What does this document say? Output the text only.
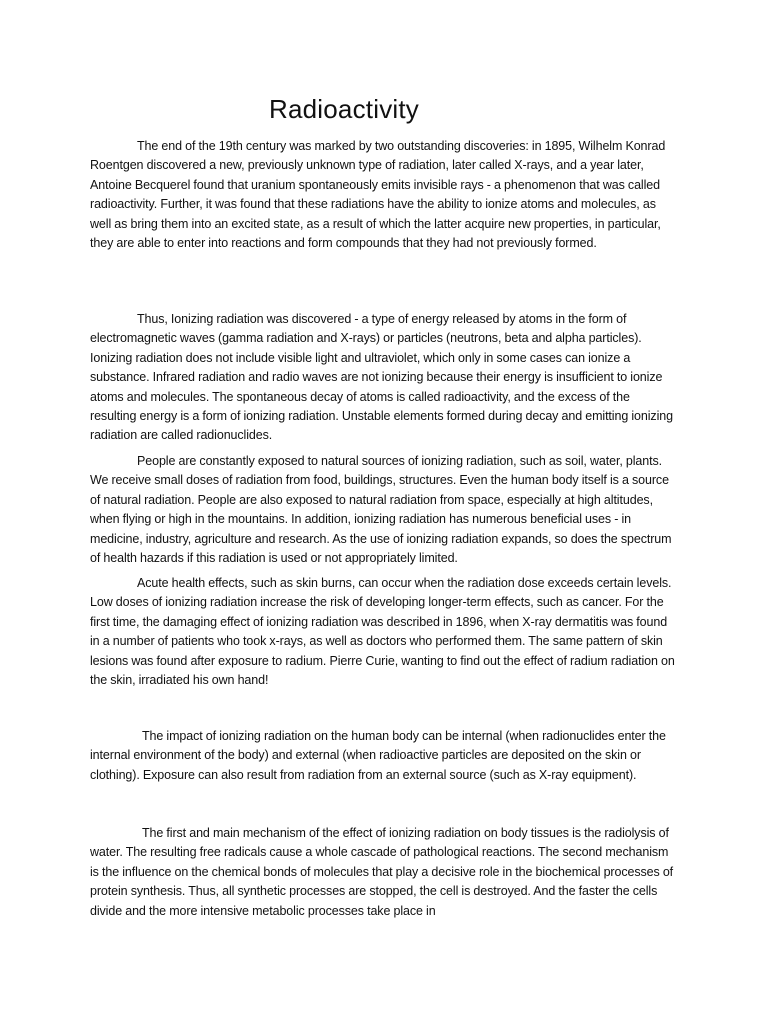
Radioactivity

The end of the 19th century was marked by two outstanding discoveries: in 1895, Wilhelm Konrad Roentgen discovered a new, previously unknown type of radiation, later called X-rays, and a year later, Antoine Becquerel found that uranium spontaneously emits invisible rays - a phenomenon that was called radioactivity. Further, it was found that these radiations have the ability to ionize atoms and molecules, as well as bring them into an excited state, as a result of which the latter acquire new properties, in particular, they are able to enter into reactions and form compounds that they had not previously formed.

Thus, Ionizing radiation was discovered - a type of energy released by atoms in the form of electromagnetic waves (gamma radiation and X-rays) or particles (neutrons, beta and alpha particles). Ionizing radiation does not include visible light and ultraviolet, which only in some cases can ionize a substance. Infrared radiation and radio waves are not ionizing because their energy is insufficient to ionize atoms and molecules. The spontaneous decay of atoms is called radioactivity, and the excess of the resulting energy is a form of ionizing radiation. Unstable elements formed during decay and emitting ionizing radiation are called radionuclides.

People are constantly exposed to natural sources of ionizing radiation, such as soil, water, plants. We receive small doses of radiation from food, buildings, structures. Even the human body itself is a source of natural radiation. People are also exposed to natural radiation from space, especially at high altitudes, when flying or high in the mountains. In addition, ionizing radiation has numerous beneficial uses - in medicine, industry, agriculture and research. As the use of ionizing radiation expands, so does the spectrum of health hazards if this radiation is used or not appropriately limited.

Acute health effects, such as skin burns, can occur when the radiation dose exceeds certain levels. Low doses of ionizing radiation increase the risk of developing longer-term effects, such as cancer. For the first time, the damaging effect of ionizing radiation was described in 1896, when X-ray dermatitis was found in a number of patients who took x-rays, as well as doctors who performed them. The same pattern of skin lesions was found after exposure to radium. Pierre Curie, wanting to find out the effect of radium radiation on the skin, irradiated his own hand!

The impact of ionizing radiation on the human body can be internal (when radionuclides enter the internal environment of the body) and external (when radioactive particles are deposited on the skin or clothing). Exposure can also result from radiation from an external source (such as X-ray equipment).

The first and main mechanism of the effect of ionizing radiation on body tissues is the radiolysis of water. The resulting free radicals cause a whole cascade of pathological reactions. The second mechanism is the influence on the chemical bonds of molecules that play a decisive role in the biochemical processes of protein synthesis. Thus, all synthetic processes are stopped, the cell is destroyed. And the faster the cells divide and the more intensive metabolic processes take place in
